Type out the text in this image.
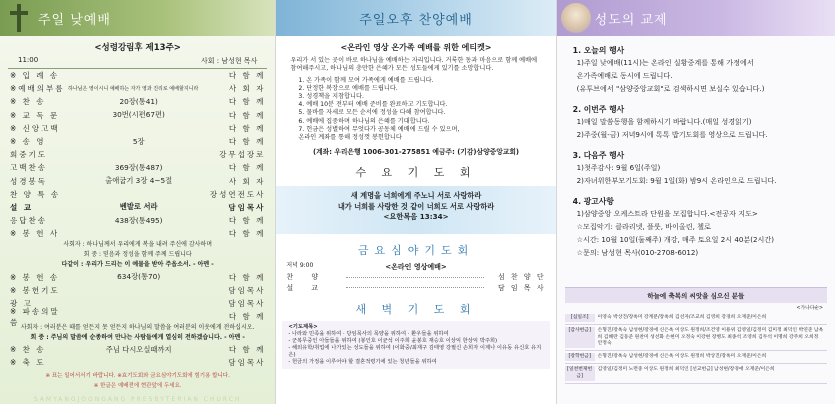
주일 낮예배
<성령강림후 제13주>
11:00	사회 : 남성현 목사
※ 입 례 송	다 함 께
※예배의부름 하나님은 영이시니 예배하는 자가 영과 진리로 예배할지니라	사 회 자
※ 찬 송	20장(통41)	다 함 께
※ 교 독 문	30번(시편67편)	다 함 께
※ 신앙고백	다 함 께
※ 송 영	5장	다 함 께
회중기도	강무섭장로
고백찬송	369장(통487)	다 함 께
성경봉독	출애굽기 3장 4~5절	사 회 자
찬 양 특 송	장성연전도사
설 교	벤발로 서라	담임목사
응답찬송	438장(통495)	다 함 께
※ 봉 헌 사	다 함 께
사회자 : 하나님께서 우리에게 복을 내려 주신에 감사하며
회 중 : 믿음과 정성을 함께 주께 드립니다
다같이 : 우리가 드리는 이 예물을 받아 주옵소서. - 아멘 -
※ 봉 헌 송	634장(통70)	다 함 께
※ 봉헌기도	담임목사
광 고	담임목사
※ 파송의말씀
다 함 께
사회자 : 여러분은 때를 얻든지 못 얻든지 하나님의 말씀을 여러분의 이웃에게 전하십시오.
회 중 : 주님의 말씀에 순종하여 만나는 사람들에게 열심히 전하겠습니다. - 아멘 -
※ 찬 송	주님 다시오실때까지	다 함 께
※ 축 도	담임목사
※ 표는 일어서서기 바랍니다. ※효기도회와 금요심야기도회에 힘기용 합니다.
※ 한글은 예배전에 현관앞에 두세요.
SAMYANGJOONGANG PRESBYTERIAN CHURCH
주일오후 찬양예배
<온라인 영상 온가족 예배를 위한 에티켓>
우리가 서 있는 곳이 바로 하나님을 예배하는 자리입니다. 거룩한 동과 마음으로 함께 예배에 참여해주시고, 하나님의 충만한 은혜가 모든 성도들에게 있기를 소망합니다.
1. 온 가족이 함께 모여 가족에게 예배를 드립니다.
2. 단정한 복장으로 예배를 드립니다.
3. 성경책을 지참합니다.
4. 예배 10분 전부터 예배 준비를 완료하고 기도합니다.
5. 물바를 자세로 모든 순서에 정성을 다해 참여합니다.
6. 예배에 집중하며 하나님의 은혜를 기대합니다.
7. 헌금은 성별하여 무엇다가 공동체 예배에 드릴 수 있으며,
온라인 계좌를 통해 정성껏 봉헌합니다
(계좌: 우리은행 1006-301-275851 예금주: (기감)삼양중앙교회)
수 요 기 도 회
새 계명을 너희에게 주노니 서로 사랑하라
내가 너희를 사랑한 것 같이 너희도 서로 사랑하라
<요한복음 13:34>
금요심야기도회
저녁 9:00	<온라인 영상예배>
찬 양	섬 찬 양 단
설 교	담 임 목 사
새 벽 기 도 회
<기도제목>
- 나라와 민족을 위하여 · 당임목사의 목양을 위하여 · 환우들을 위하여
- 군복무중인 아들들을 위하여 (봉인호 이균석 이주희 윤봉호 재승호 이상익 한상익 박주희)
- 해외유학/취업에 나가있는 성도들을 위하여 (이화중/최재구 김태영 강필신 손희자 이제나 이유동 유신호 유지은)
- 헌금의 가정을 이루어야 할 결혼적령기에 있는 청년들을 위하여
성도의 교제
1. 오늘의 행사
1)주일 낮예배(11시)는 온라인 실황중계를 통해 가정에서
온가족예배로 동시에 드립니다.
(유투브에서 "삼양중앙교회"로 검색하시면 보실수 있습니다.)
2. 이번주 행사
1)매일 말씀동행을 함께하시기 바랍니다.(매일 성경읽기)
2)주중(월-금) 저녁9시에 톡톡 밥기도회를 영상으로 드립니다.
3. 다음주 행사
1)첫주감사: 9월 6일(주일)
2)자녀위한부모기도회: 9월 1일(화) 밤9시 온라인으로 드립니다.
4. 광고사항
1)삼양중앙 오케스트라 단원을 모집합니다.<전공자 지도>
☆모집악기: 클라리넷, 플룻, 바이올린, 첼로
☆시간: 10월 10일(둘째주) 개강, 매주 토요일 2시 40분(2시간)
☆문의: 남성현 목사(010-2708-6012)
하늘에 축복의 씨앗을 심으신 분들
<가나다순>
[십일조]	이영숙 박상진/장옥미 강계분/장옥희 김선자/조교희 김영희 강경희 오재준/이은희
[감사헌금]	손형진/장옥숙 남성현/장경애 신은옥 이상도 원정희/조건영 이용위 김영일/김정미 김미정 최덕인 박연준 남옥희 김혜란 김동준 원찬미 성선화 손현미 오정숙 이강현 장병도 최종석 조영희 김두석 이명희 강주희 오희정 안정숙
[장학헌금]	손형진/장옥숙 남성현/장경애 신은옥 이상도 원정희 박상진/장옥미 오재준/이은희
[일천번제헌금]
김영일/김정미 노면중 이상도 원정희 최덕인 [선교헌금] 남성현/장경애 오재준/이은희
